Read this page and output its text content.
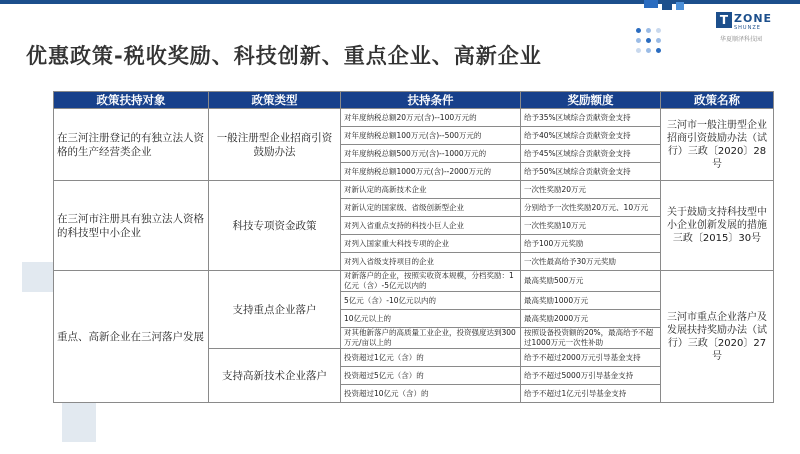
T ZONE
SHUNZE
华夏顺泽科技园
优惠政策-税收奖励、科技创新、重点企业、高新企业
政策扶持对象	政策类型	扶持条件	奖励额度	政策名称
在三河注册登记的有独立法人资格的生产经营类企业	一般注册型企业招商引资鼓励办法	对年度纳税总额20万元(含)--100万元的	给予35%区域综合贡献资金支持	三河市一般注册型企业招商引资鼓励办法（试行）三政〔2020〕28号
		对年度纳税总额100万元(含)--500万元的	给予40%区域综合贡献资金支持	
		对年度纳税总额500万元(含)--1000万元的	给予45%区域综合贡献资金支持	
		对年度纳税总额1000万元(含)--2000万元的	给予50%区域综合贡献资金支持	
在三河市注册具有独立法人资格的科技型中小企业	科技专项资金政策	对新认定的高新技术企业	一次性奖励20万元	关于鼓励支持科技型中小企业创新发展的措施三政〔2015〕30号
		对新认定的国家级、省级创新型企业	分别给予一次性奖励20万元、10万元	
		对列入省重点支持的科技小巨人企业	一次性奖励10万元	
		对列入国家重大科技专项的企业	给予100万元奖励	
		对列入省级支持项目的企业	一次性最高给予30万元奖励	
重点、高新企业在三河落户发展	支持重点企业落户	对新落户的企业，按照实收资本规模，分档奖励：1亿元（含）-5亿元以内的	最高奖励500万元	三河市重点企业落户及发展扶持奖励办法（试行）三政〔2020〕27号
		5亿元（含）-10亿元以内的	最高奖励1000万元	
		10亿元以上的	最高奖励2000万元	
		对其他新落户的高质量工业企业，投资强度达到300万元/亩以上的	按照设备投资额的20%，最高给予不超过1000万元一次性补助	
	支持高新技术企业落户	投资超过1亿元（含）的	给予不超过2000万元引导基金支持	
		投资超过5亿元（含）的	给予不超过5000万引导基金支持	
		投资超过10亿元（含）的	给予不超过1亿元引导基金支持	
